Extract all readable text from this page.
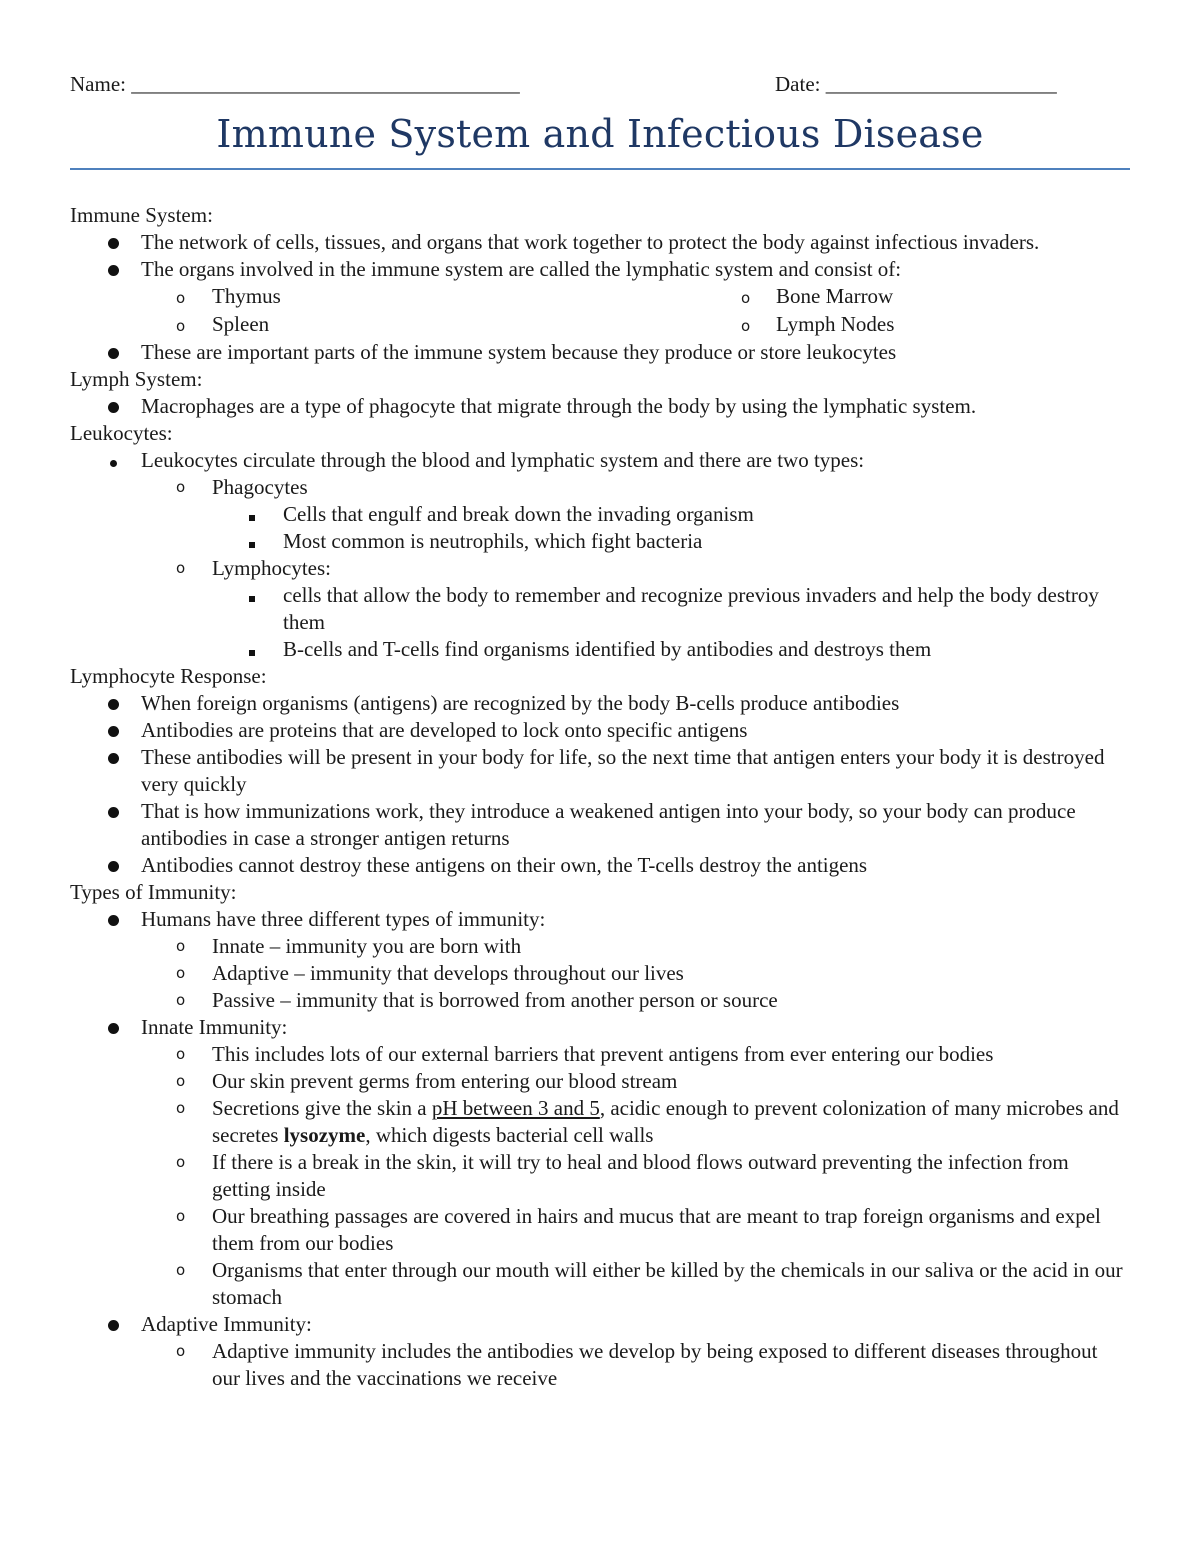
Name: _____________________________________	Date: ______________________
Immune System and Infectious Disease
Immune System:
The network of cells, tissues, and organs that work together to protect the body against infectious invaders.
The organs involved in the immune system are called the lymphatic system and consist of:
o Thymus
o Spleen
o Bone Marrow
o Lymph Nodes
These are important parts of the immune system because they produce or store leukocytes
Lymph System:
Macrophages are a type of phagocyte that migrate through the body by using the lymphatic system.
Leukocytes:
Leukocytes circulate through the blood and lymphatic system and there are two types:
o Phagocytes
Cells that engulf and break down the invading organism
Most common is neutrophils, which fight bacteria
o Lymphocytes:
cells that allow the body to remember and recognize previous invaders and help the body destroy them
B-cells and T-cells find organisms identified by antibodies and destroys them
Lymphocyte Response:
When foreign organisms (antigens) are recognized by the body B-cells produce antibodies
Antibodies are proteins that are developed to lock onto specific antigens
These antibodies will be present in your body for life, so the next time that antigen enters your body it is destroyed very quickly
That is how immunizations work, they introduce a weakened antigen into your body, so your body can produce antibodies in case a stronger antigen returns
Antibodies cannot destroy these antigens on their own, the T-cells destroy the antigens
Types of Immunity:
Humans have three different types of immunity:
o Innate – immunity you are born with
o Adaptive – immunity that develops throughout our lives
o Passive – immunity that is borrowed from another person or source
Innate Immunity:
o This includes lots of our external barriers that prevent antigens from ever entering our bodies
o Our skin prevent germs from entering our blood stream
o Secretions give the skin a pH between 3 and 5, acidic enough to prevent colonization of many microbes and secretes lysozyme, which digests bacterial cell walls
o If there is a break in the skin, it will try to heal and blood flows outward preventing the infection from getting inside
o Our breathing passages are covered in hairs and mucus that are meant to trap foreign organisms and expel them from our bodies
o Organisms that enter through our mouth will either be killed by the chemicals in our saliva or the acid in our stomach
Adaptive Immunity:
o Adaptive immunity includes the antibodies we develop by being exposed to different diseases throughout our lives and the vaccinations we receive
